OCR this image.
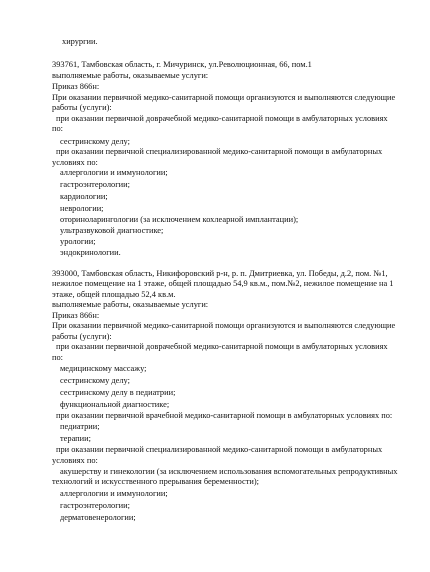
хирургии.
393761, Тамбовская область, г. Мичуринск, ул.Революционная, 66, пом.1
выполняемые работы, оказываемые услуги:
Приказ 866н:
При оказании первичной медико-санитарной помощи организуются и выполняются следующие
работы (услуги):
при оказании первичной доврачебной медико-санитарной помощи в амбулаторных условиях
по:
сестринскому делу;
при оказании первичной специализированной медико-санитарной помощи в амбулаторных
условиях по:
аллергологии и иммунологии;
гастроэнтерологии;
кардиологии;
неврологии;
оториноларингологии (за исключением кохлеарной имплантации);
ультразвуковой диагностике;
урологии;
эндокринологии.
393000, Тамбовская область, Никифоровский р-н, р. п. Дмитриевка, ул. Победы, д.2, пом. №1,
нежилое помещение на 1 этаже, общей площадью 54,9 кв.м., пом.№2, нежилое помещение на 1
этаже, общей площадью 52,4 кв.м.
выполняемые работы, оказываемые услуги:
Приказ 866н:
При оказании первичной медико-санитарной помощи организуются и выполняются следующие
работы (услуги):
при оказании первичной доврачебной медико-санитарной помощи в амбулаторных условиях
по:
медицинскому массажу;
сестринскому делу;
сестринскому делу в педиатрии;
функциональной диагностике;
при оказании первичной врачебной медико-санитарной помощи в амбулаторных условиях по:
педиатрии;
терапии;
при оказании первичной специализированной медико-санитарной помощи в амбулаторных
условиях по:
акушерству и гинекологии (за исключением использования вспомогательных репродуктивных
технологий и искусственного прерывания беременности);
аллергологии и иммунологии;
гастроэнтерологии;
дерматовенерологии;
